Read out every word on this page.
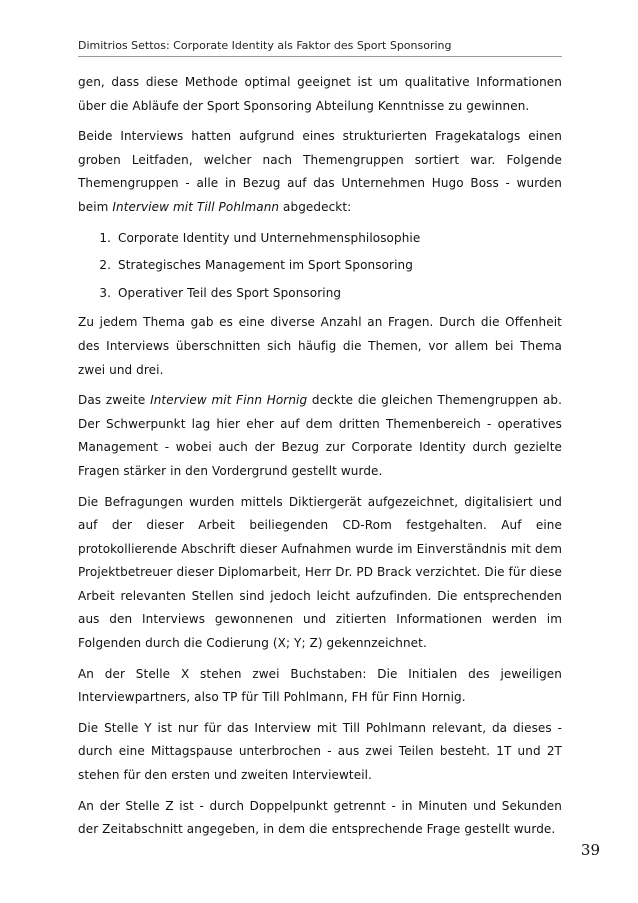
Dimitrios Settos: Corporate Identity als Faktor des Sport Sponsoring

gen, dass diese Methode optimal geeignet ist um qualitative Informationen über die Abläufe der Sport Sponsoring Abteilung Kenntnisse zu gewinnen.

Beide Interviews hatten aufgrund eines strukturierten Fragekatalogs einen groben Leitfaden, welcher nach Themengruppen sortiert war. Folgende Themengruppen - alle in Bezug auf das Unternehmen Hugo Boss - wurden beim Interview mit Till Pohlmann abgedeckt:

1. Corporate Identity und Unternehmensphilosophie
2. Strategisches Management im Sport Sponsoring
3. Operativer Teil des Sport Sponsoring

Zu jedem Thema gab es eine diverse Anzahl an Fragen. Durch die Offenheit des Interviews überschnitten sich häufig die Themen, vor allem bei Thema zwei und drei.

Das zweite Interview mit Finn Hornig deckte die gleichen Themengruppen ab. Der Schwerpunkt lag hier eher auf dem dritten Themenbereich - operatives Management - wobei auch der Bezug zur Corporate Identity durch gezielte Fragen stärker in den Vordergrund gestellt wurde.

Die Befragungen wurden mittels Diktiergerät aufgezeichnet, digitalisiert und auf der dieser Arbeit beiliegenden CD-Rom festgehalten. Auf eine protokollierende Abschrift dieser Aufnahmen wurde im Einverständnis mit dem Projektbetreuer dieser Diplomarbeit, Herr Dr. PD Brack verzichtet. Die für diese Arbeit relevanten Stellen sind jedoch leicht aufzufinden. Die entsprechenden aus den Interviews gewonnenen und zitierten Informationen werden im Folgenden durch die Codierung (X; Y; Z) gekennzeichnet.

An der Stelle X stehen zwei Buchstaben: Die Initialen des jeweiligen Interviewpartners, also TP für Till Pohlmann, FH für Finn Hornig.

Die Stelle Y ist nur für das Interview mit Till Pohlmann relevant, da dieses - durch eine Mittagspause unterbrochen - aus zwei Teilen besteht. 1T und 2T stehen für den ersten und zweiten Interviewteil.

An der Stelle Z ist - durch Doppelpunkt getrennt - in Minuten und Sekunden der Zeitabschnitt angegeben, in dem die entsprechende Frage gestellt wurde.

39
